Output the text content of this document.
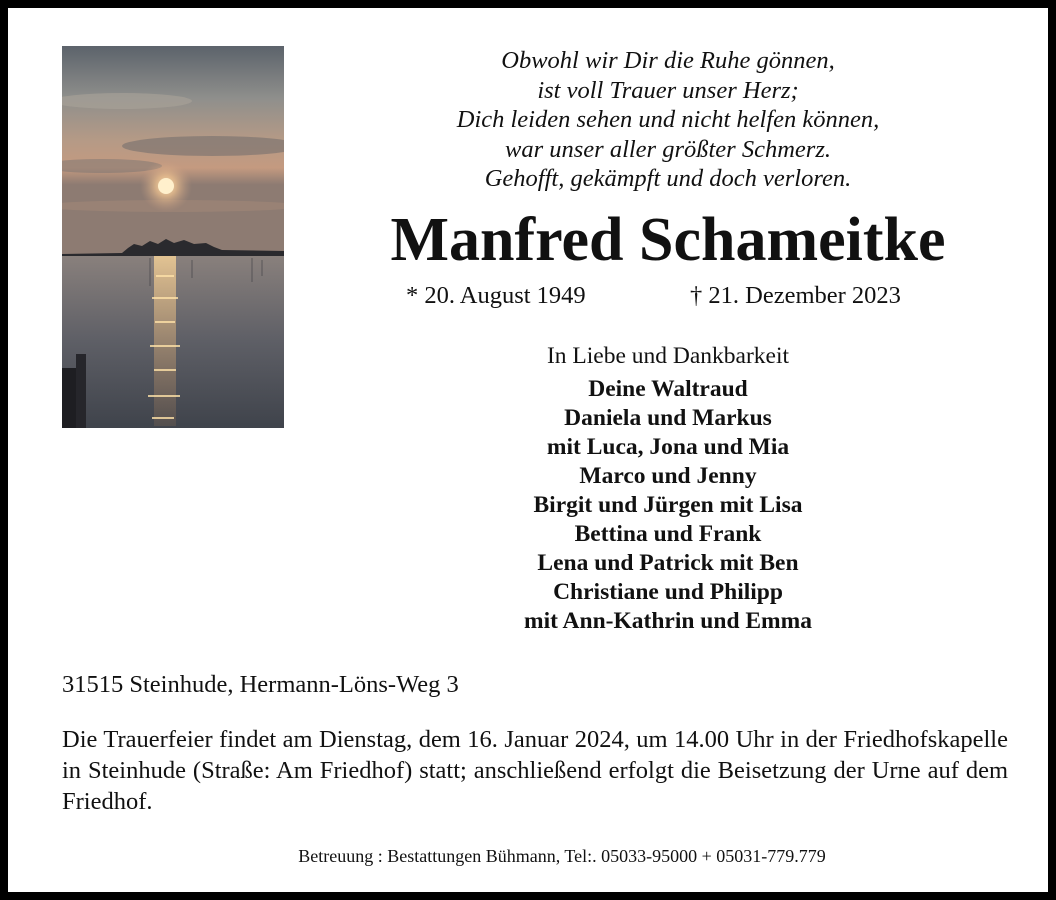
Obwohl wir Dir die Ruhe gönnen,
ist voll Trauer unser Herz;
Dich leiden sehen und nicht helfen können,
war unser aller größter Schmerz.
Gehofft, gekämpft und doch verloren.
Manfred Schameitke
* 20. August 1949	† 21. Dezember 2023
In Liebe und Dankbarkeit
Deine Waltraud
Daniela und Markus
mit Luca, Jona und Mia
Marco und Jenny
Birgit und Jürgen mit Lisa
Bettina und Frank
Lena und Patrick mit Ben
Christiane und Philipp
mit Ann-Kathrin und Emma
31515 Steinhude, Hermann-Löns-Weg 3
Die Trauerfeier findet am Dienstag, dem 16. Januar 2024, um 14.00 Uhr in der Friedhofskapelle in Steinhude (Straße: Am Friedhof) statt; anschließend erfolgt die Beisetzung der Urne auf dem Friedhof.
Betreuung : Bestattungen Bühmann, Tel:. 05033-95000 + 05031-779.779
